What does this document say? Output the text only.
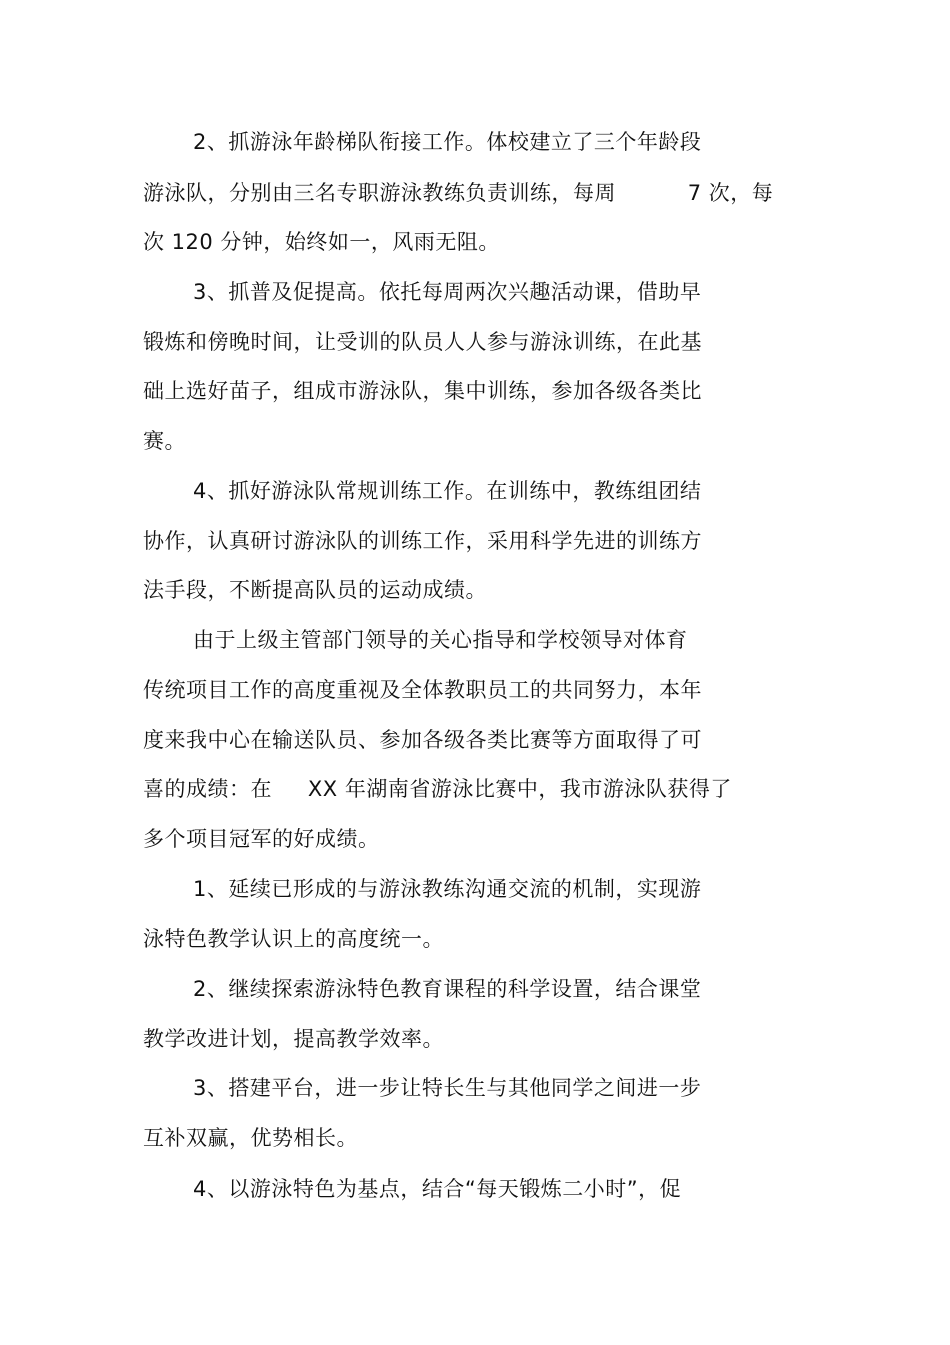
2、抓游泳年龄梯队衔接工作。体校建立了三个年龄段
游泳队，分别由三名专职游泳教练负责训练，每周          7 次，每
次 120 分钟，始终如一，风雨无阻。
3、抓普及促提高。依托每周两次兴趣活动课，借助早
锻炼和傍晚时间，让受训的队员人人参与游泳训练，在此基
础上选好苗子，组成市游泳队，集中训练，参加各级各类比
赛。
4、抓好游泳队常规训练工作。在训练中，教练组团结
协作，认真研讨游泳队的训练工作，采用科学先进的训练方
法手段，不断提高队员的运动成绩。
由于上级主管部门领导的关心指导和学校领导对体育
传统项目工作的高度重视及全体教职员工的共同努力，本年
度来我中心在输送队员、参加各级各类比赛等方面取得了可
喜的成绩：在     XX 年湖南省游泳比赛中，我市游泳队获得了
多个项目冠军的好成绩。
1、延续已形成的与游泳教练沟通交流的机制，实现游
泳特色教学认识上的高度统一。
2、继续探索游泳特色教育课程的科学设置，结合课堂
教学改进计划，提高教学效率。
3、搭建平台，进一步让特长生与其他同学之间进一步
互补双赢，优势相长。
4、以游泳特色为基点，结合“每天锻炼二小时”，促
